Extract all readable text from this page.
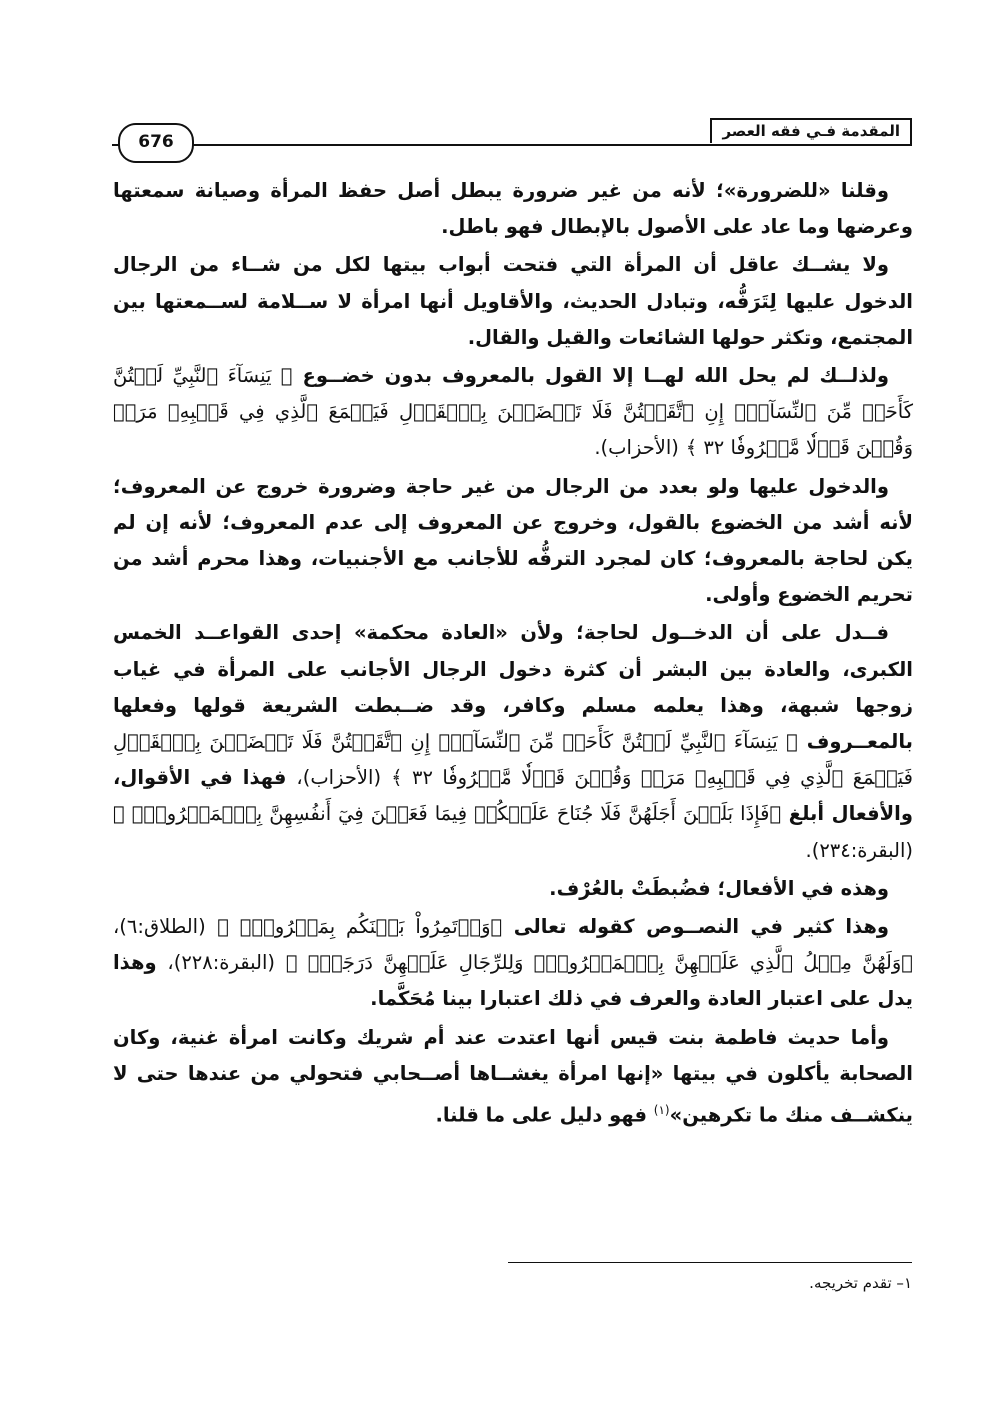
المقدمة فـي فقه العصر
676

وقلنا «للضرورة»؛ لأنه من غير ضرورة يبطل أصل حفظ المرأة وصيانة سمعتها وعرضها وما عاد على الأصول بالإبطال فهو باطل.

ولا يشــك عاقل أن المرأة التي فتحت أبواب بيتها لكل من شــاء من الرجال الدخول عليها لِتَرَفُّه، وتبادل الحديث، والأقاويل أنها امرأة لا ســلامة لســمعتها بين المجتمع، وتكثر حولها الشائعات والقيل والقال.

ولذلــك لم يحل الله لهــا إلا القول بالمعروف بدون خضــوع ﴿ يَنِسَآءَ ٱلنَّبِيِّ لَسۡتُنَّ كَأَحَدٖ مِّنَ ٱلنِّسَآءِۚ إِنِ ٱتَّقَيۡتُنَّ فَلَا تَخۡضَعۡنَ بِٱلۡقَوۡلِ فَيَطۡمَعَ ٱلَّذِي فِي قَلۡبِهِۦ مَرَضٞ وَقُلۡنَ قَوۡلٗا مَّعۡرُوفٗا ٣٢ ﴾ (الأحزاب).

والدخول عليها ولو بعدد من الرجال من غير حاجة وضرورة خروج عن المعروف؛ لأنه أشد من الخضوع بالقول، وخروج عن المعروف إلى عدم المعروف؛ لأنه إن لم يكن لحاجة بالمعروف؛ كان لمجرد الترفُّه للأجانب مع الأجنبيات، وهذا محرم أشد من تحريم الخضوع وأولى.

فــدل على أن الدخــول لحاجة؛ ولأن «العادة محكمة» إحدى القواعــد الخمس الكبرى، والعادة بين البشر أن كثرة دخول الرجال الأجانب على المرأة في غياب زوجها شبهة، وهذا يعلمه مسلم وكافر، وقد ضــبطت الشريعة قولها وفعلها بالمعــروف ﴿ يَنِسَآءَ ٱلنَّبِيِّ لَسۡتُنَّ كَأَحَدٖ مِّنَ ٱلنِّسَآءِۚ إِنِ ٱتَّقَيۡتُنَّ فَلَا تَخۡضَعۡنَ بِٱلۡقَوۡلِ فَيَطۡمَعَ ٱلَّذِي فِي قَلۡبِهِۦ مَرَضٞ وَقُلۡنَ قَوۡلٗا مَّعۡرُوفٗا ٣٢ ﴾ (الأحزاب)، فهذا في الأقوال، والأفعال أبلغ ﴿فَإِذَا بَلَغۡنَ أَجَلَهُنَّ فَلَا جُنَاحَ عَلَيۡكُمۡ فِيمَا فَعَلۡنَ فِيٓ أَنفُسِهِنَّ بِٱلۡمَعۡرُوفِۗ ﴾ (البقرة:٢٣٤).

وهذه في الأفعال؛ فضُبطَتْ بالعُرْف.

وهذا كثير في النصــوص كقوله تعالى ﴿وَأۡتَمِرُواْ بَيۡنَكُم بِمَعۡرُوفٖۖ ﴾ (الطلاق:٦)، ﴿وَلَهُنَّ مِثۡلُ ٱلَّذِي عَلَيۡهِنَّ بِٱلۡمَعۡرُوفِۚ وَلِلرِّجَالِ عَلَيۡهِنَّ دَرَجَةٞۗ ﴾ (البقرة:٢٢٨)، وهذا يدل على اعتبار العادة والعرف في ذلك اعتبارا بينا مُحَكَّما.

وأما حديث فاطمة بنت قيس أنها اعتدت عند أم شريك وكانت امرأة غنية، وكان الصحابة يأكلون في بيتها «إنها امرأة يغشــاها أصــحابي فتحولي من عندها حتى لا ينكشــف منك ما تكرهين»$^{(١)}$ فهو دليل على ما قلنا.

١– تقدم تخريجه.
